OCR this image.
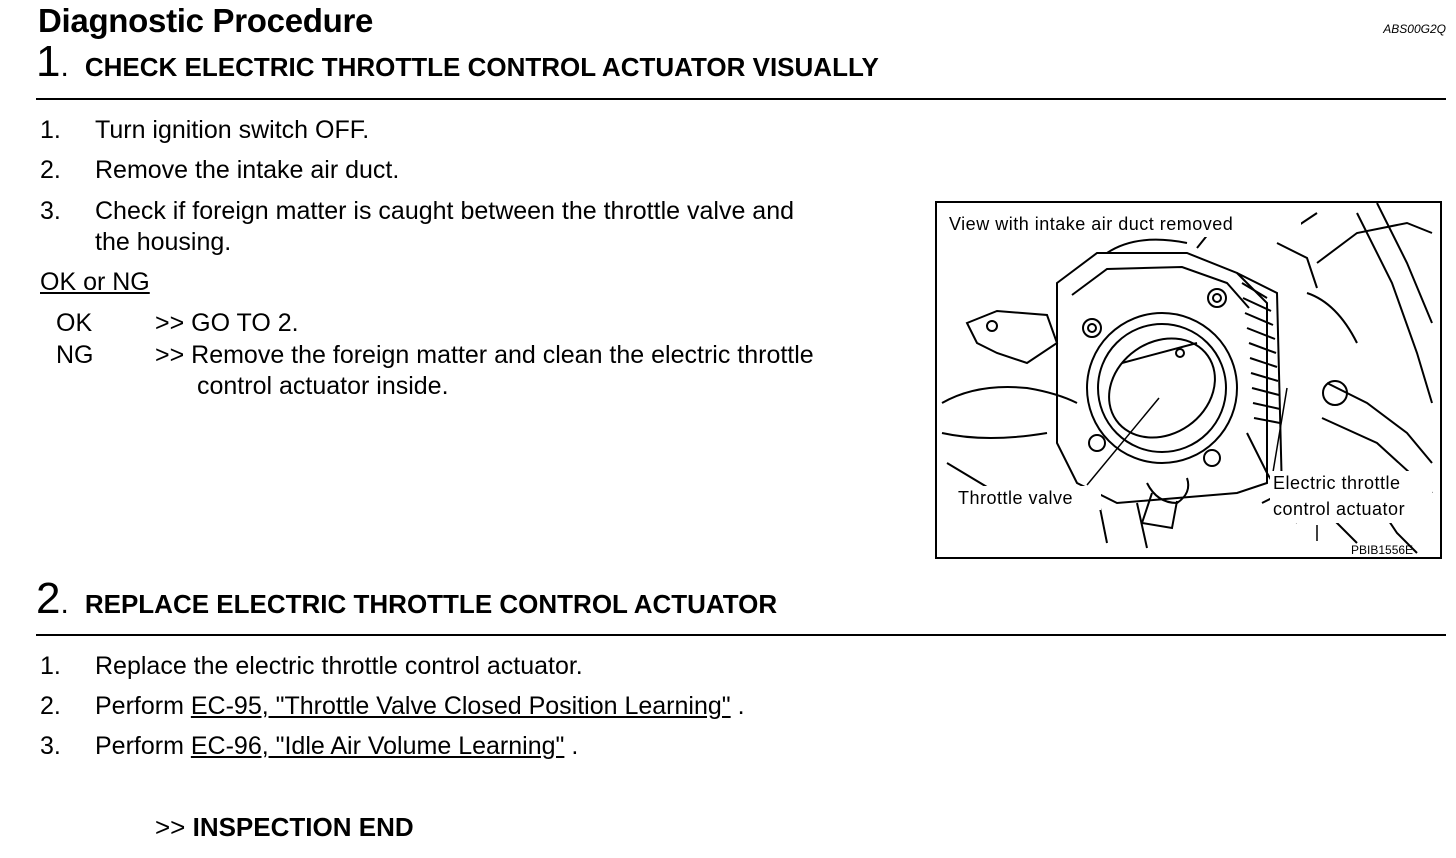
Diagnostic Procedure	ABS00G2Q
1 . CHECK ELECTRIC THROTTLE CONTROL ACTUATOR VISUALLY
1.	Turn ignition switch OFF.
2.	Remove the intake air duct.
3.	Check if foreign matter is caught between the throttle valve and
the housing.
OK or NG
OK	>> GO TO 2.
NG >> Remove the foreign matter and clean the electric throttle
control actuator inside.
View with intake air duct removed
Throttle valve
Electric throttle
control actuator
PBIB1556E
2 . REPLACE ELECTRIC THROTTLE CONTROL ACTUATOR
1.	Replace the electric throttle control actuator.
2.	Perform EC-95, "Throttle Valve Closed Position Learning" .
3.	Perform EC-96, "Idle Air Volume Learning" .
>> INSPECTION END
